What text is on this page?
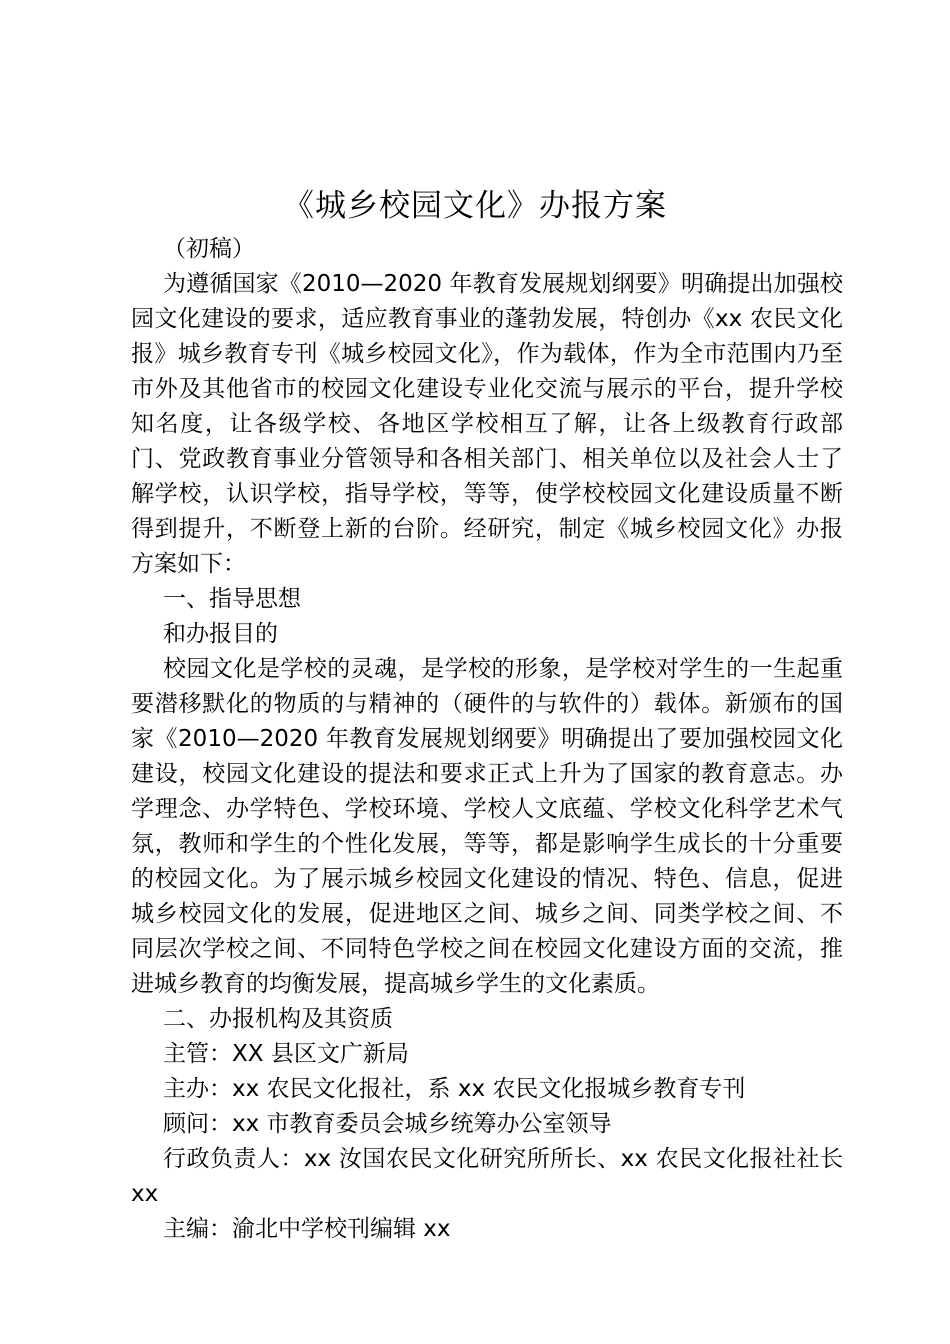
《城乡校园文化》办报方案

（初稿）

为遵循国家《2010—2020 年教育发展规划纲要》明确提出加强校园文化建设的要求，适应教育事业的蓬勃发展，特创办《xx 农民文化报》城乡教育专刊《城乡校园文化》，作为载体，作为全市范围内乃至市外及其他省市的校园文化建设专业化交流与展示的平台，提升学校知名度，让各级学校、各地区学校相互了解，让各上级教育行政部门、党政教育事业分管领导和各相关部门、相关单位以及社会人士了解学校，认识学校，指导学校，等等，使学校校园文化建设质量不断得到提升，不断登上新的台阶。经研究，制定《城乡校园文化》办报方案如下：

一、指导思想

和办报目的

校园文化是学校的灵魂，是学校的形象，是学校对学生的一生起重要潜移默化的物质的与精神的（硬件的与软件的）载体。新颁布的国家《2010—2020 年教育发展规划纲要》明确提出了要加强校园文化建设，校园文化建设的提法和要求正式上升为了国家的教育意志。办学理念、办学特色、学校环境、学校人文底蕴、学校文化科学艺术气氛，教师和学生的个性化发展，等等，都是影响学生成长的十分重要的校园文化。为了展示城乡校园文化建设的情况、特色、信息，促进城乡校园文化的发展，促进地区之间、城乡之间、同类学校之间、不同层次学校之间、不同特色学校之间在校园文化建设方面的交流，推进城乡教育的均衡发展，提高城乡学生的文化素质。

二、办报机构及其资质

主管：XX 县区文广新局

主办：xx 农民文化报社，系 xx 农民文化报城乡教育专刊

顾问：xx 市教育委员会城乡统筹办公室领导

行政负责人：xx 汝国农民文化研究所所长、xx 农民文化报社社长 xx

主编：渝北中学校刊编辑 xx
